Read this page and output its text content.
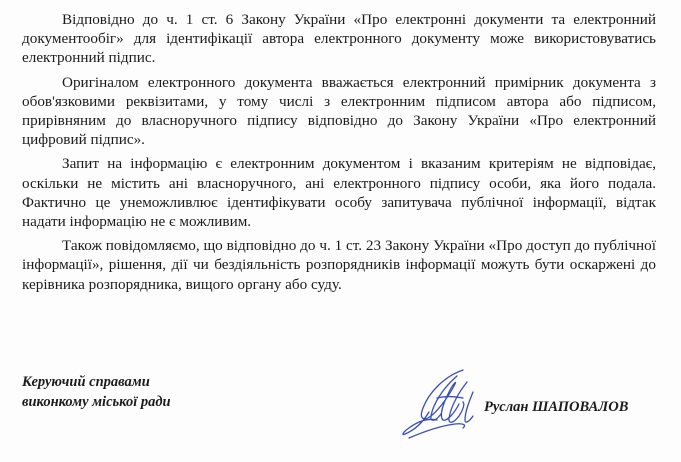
Відповідно до ч. 1 ст. 6 Закону України «Про електронні документи та електронний документообіг» для ідентифікації автора електронного документу може використовуватись електронний підпис.

Оригіналом електронного документа вважається електронний примірник документа з обов'язковими реквізитами, у тому числі з електронним підписом автора або підписом, прирівняним до власноручного підпису відповідно до Закону України «Про електронний цифровий підпис».

Запит на інформацію є електронним документом і вказаним критеріям не відповідає, оскільки не містить ані власноручного, ані електронного підпису особи, яка його подала. Фактично це унеможливлює ідентифікувати особу запитувача публічної інформації, відтак надати інформацію не є можливим.

Також повідомляємо, що відповідно до ч. 1 ст. 23 Закону України «Про доступ до публічної інформації», рішення, дії чи бездіяльність розпорядників інформації можуть бути оскаржені до керівника розпорядника, вищого органу або суду.

Керуючий справами
виконкому міської ради	Руслан ШАПОВАЛОВ
